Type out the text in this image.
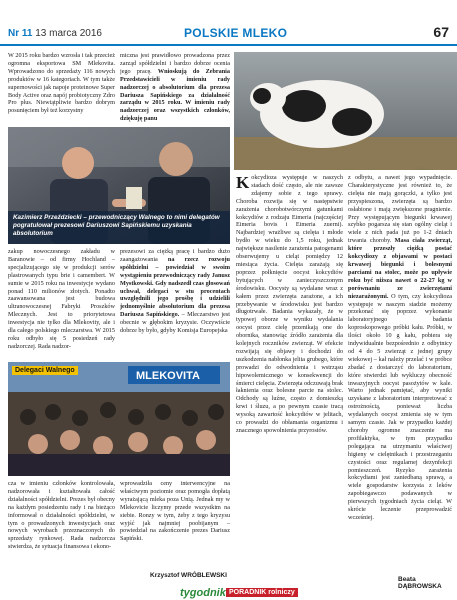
Nr 11 13 marca 2016	POLSKIE MLEKO	67

W 2015 roku bardzo wzrosła i tak przecież ogromna eksportowa SM Mlekovita. Wprowadzono do sprzedaży 116 nowych produktów w 16 kategoriach. W tym także supernowości jak napoje proteinowe Super Body Active oraz napój probiotyczny Zdro Pro plus. Niewiątpliwie bardzo dobrym posunięciem był też korzystny

miczna jest prawidłowo prowadzona przez zarząd spółdzielni i bardzo dobrze ocenia jego pracę. Wnioskują do Zebrania Przedstawicieli w imieniu rady nadzorczej o absolutorium dla prezesa Dariusza Sapińskiego za działalność zarządu w 2015 roku. W imieniu rady nadzorczej oraz wszystkich członków, dziękuję panu

Kazimierz Przeździecki – przewodniczący Walnego to nimi delegatów pogratulował prezesowi Dariuszowi Sapińskiemu uzyskania absolutorium

zakup nowoczesnego zakładu w Baranowie – od firmy Hochland – specjalizującego się w produkcji serów plastrowanych typu brie i camembert. W sumie w 2015 roku na inwestycje wydano ponad 110 milionów złotych. Ponadto zaawansowana jest budowa ultranowoczesnej Fabryki Proszków Mlecznych. Jest to priorytetowa inwestycja nie tylko dla Mlekovity, ale i dla całego polskiego mleczarstwa. W 2015 roku odbyło się 5 posiedzeń rady nadzorczej. Rada nadzor-

prezesowi za ciężką pracę i bardzo dużo zaangażowania na rzecz rozwoju spółdzielni – powiedział w swoim wystąpieniu przewodniczący rady Janusz Mystkowski. Gdy nadszedł czas głosowań uchwał, delegaci w stu procentach uwzględnili jego prośbę i udzielili jednomyślnie absolutorium dla prezesa Dariusza Sapińskiego. – Mleczarstwo jest obecnie w głębokim kryzysie. Oczywiście dobrze by było, gdyby Komisja Europejska

MLEKOVITA
Delegaci Walnego

cza w imieniu członków kontrolowała, nadzorowała i kształtowała całość działalności spółdzielni. Prezes był obecny na każdym posiedzeniu rady i na bieżąco informował o działalności spółdzielni, w tym o prowadzonych inwestycjach oraz nowych wyrobach przeznaczonych do sprzedaży rynkowej. Rada nadzorcza stwierdza, że sytuacja finansowa i ekono-

wprowadziła ceny interwencyjne na właściwym poziomie oraz pomogła dopłatą wyrażającą mleka poza Unią. Jednak my w Mlekovicie liczymy przede wszystkim na siebie. Ronzy w tym, żeby z tego kryzysu wyjść jak najmniej poobijanym – powiedział na zakończenie prezes Dariusz Sapiński.

Krzysztof WRÓBLEWSKI

Kokcydioza występuje w naszych stadach dość często, ale nie zawsze zdajemy sobie z tego sprawy. Choroba rozwija się w następstwie zarażenia chorobotwórczymi gatunkami kokcydiów z rodzaju Eimeria (najczęściej Eimeria bovis i Eimeria zuerni). Najbardziej wrażliwe są cielęta i młode bydło w wieku do 1,5 roku, jednak największe nasilenie zarażenia patogenami obserwujemy u cieląt pomiędzy 12 miesiąca życia. Cielęta zarażają się poprzez połknięcie oocyst kokcydiów bytujących w zanieczyszczonym środowisku. Oocysty są wydalane wraz z kałem przez zwierzęta zarażone, a ich przebywanie w środowisku jest bardzo długotrwałe. Badania wykazały, że w typowej oborze w wyniku wydalania oocyst przez cielę przenikają one do obornika, stanowiąc źródło zarażenia dla kolejnych roczników zwierząt. W efekcie rozwijają się objawy i dochodzi do uszkodzenia nabłonka jelita grubego, które prowadzi do odwodnienia i wstrząsu hipowolemicznego w konsekwencji do śmierci cielęcia. Zwierzęta odczuwają brak łaknienia oraz bolesne parcie na stolec. Odchody są luźne, często z domieszką krwi i śluzu, a po pewnym czasie tracą wysoką zawartość kokcydiów w jelitach, co prowadzi do obłamania organizmu i znacznego spowolnienia przyrostów.

z odbytu, a nawet jego wypadnięcie. Charakterystyczne jest również to, że cielęta nie mają gorączki, a tylko jest przyspieszona, zwierzęta są bardzo osłabione i mają zwiększone pragnienie. Przy występującym biegunki krwawej szybko pogarsza się stan ogólny cieląt i wiele z nich pada już po 1-2 dniach trwania choroby. Masa ciała zwierząt, które przeszły ciężką postać kokcydiozy z objawami w postaci krwawej biegunki i bolesnymi parciami na stolec, może po upływie roku być niższa nawet o 22-27 kg w porównaniu ze zwierzętami niezarażonymi. O tym, czy kokcydioza występuje w naszym stadzie możemy przekonać się poprzez wykonanie laboratoryjnego badania koproskopowego próbki kału. Próbki, w ilości około 10 g kału, pobiera się indywidualnie bezpośrednio z odbytnicy od 4 do 5 zwierząt z jednej grupy wiekowej – kał należy przelać i w próbce zbadać z dostarczyć do laboratorium, które stwierdzi lub wykluczy obecność inwazyjnych oocyst pasożytów w kale. Warto jednak pamiętać, aby wyniki uzyskane z laboratorium interpretować z ostrożnością, ponieważ liczba wydalanych oocyst zmienia się w tym samym czasie. Jak w przypadku każdej choroby ogromne znaczenie ma profilaktyka, w tym przypadku polegająca na utrzymaniu właściwej higieny w cielętnikach i przestrzeganiu czystości oraz regularnej dezynfekcji pomieszczeń. Ryzyko zarażenia kokcydiami jest zaniedbaną sprawą, a wiele gospodarstw korzysta z leków zapobiegawczo podawanych w pierwszych tygodniach życia cieląt. W skrócie leczenie przeprowadzić wcześniej.

Beata DĄBROWSKA
tygodnik PORADNIK rolniczy
